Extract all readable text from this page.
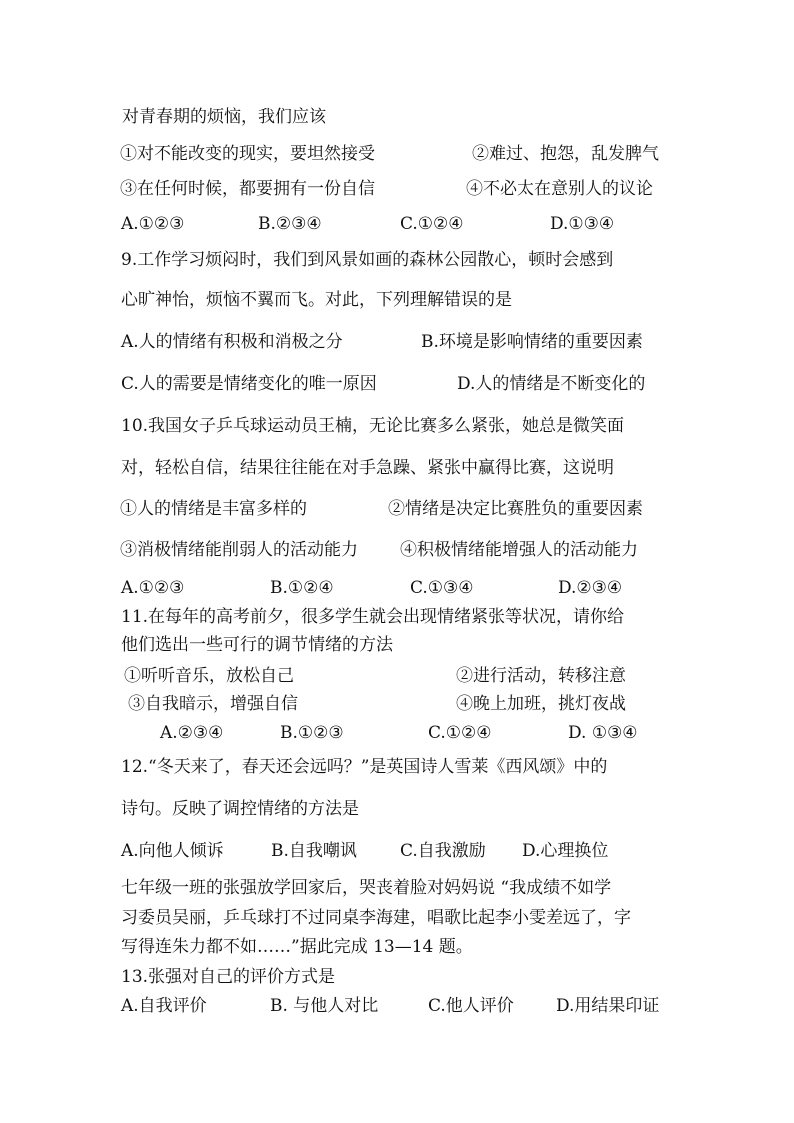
对青春期的烦恼，我们应该
①对不能改变的现实，要坦然接受	②难过、抱怨，乱发脾气
③在任何时候，都要拥有一份自信	④不必太在意别人的议论
A.①②③	B.②③④	C.①②④	D.①③④
9.工作学习烦闷时，我们到风景如画的森林公园散心，顿时会感到
心旷神怡，烦恼不翼而飞。对此，下列理解错误的是
A.人的情绪有积极和消极之分	B.环境是影响情绪的重要因素
C.人的需要是情绪变化的唯一原因	D.人的情绪是不断变化的
10.我国女子乒乓球运动员王楠，无论比赛多么紧张，她总是微笑面
对，轻松自信，结果往往能在对手急躁、紧张中赢得比赛，这说明
①人的情绪是丰富多样的	②情绪是决定比赛胜负的重要因素
③消极情绪能削弱人的活动能力 ④积极情绪能增强人的活动能力
A.①②③	B.①②④	C.①③④	D.②③④
11.在每年的高考前夕，很多学生就会出现情绪紧张等状况，请你给
他们选出一些可行的调节情绪的方法
①听听音乐，放松自己	②进行活动，转移注意
③自我暗示，增强自信	④晚上加班，挑灯夜战
A.②③④	B.①②③	C.①②④	D. ①③④
12.“冬天来了，春天还会远吗？”是英国诗人雪莱《西风颂》中的
诗句。反映了调控情绪的方法是
A.向他人倾诉	B.自我嘲讽	C.自我激励 D.心理换位
七年级一班的张强放学回家后，哭丧着脸对妈妈说 “我成绩不如学
习委员吴丽，乒乓球打不过同桌李海建，唱歌比起李小雯差远了，字
写得连朱力都不如……”据此完成 13—14 题。
13.张强对自己的评价方式是
A.自我评价	B. 与他人对比	C.他人评价 D.用结果印证
